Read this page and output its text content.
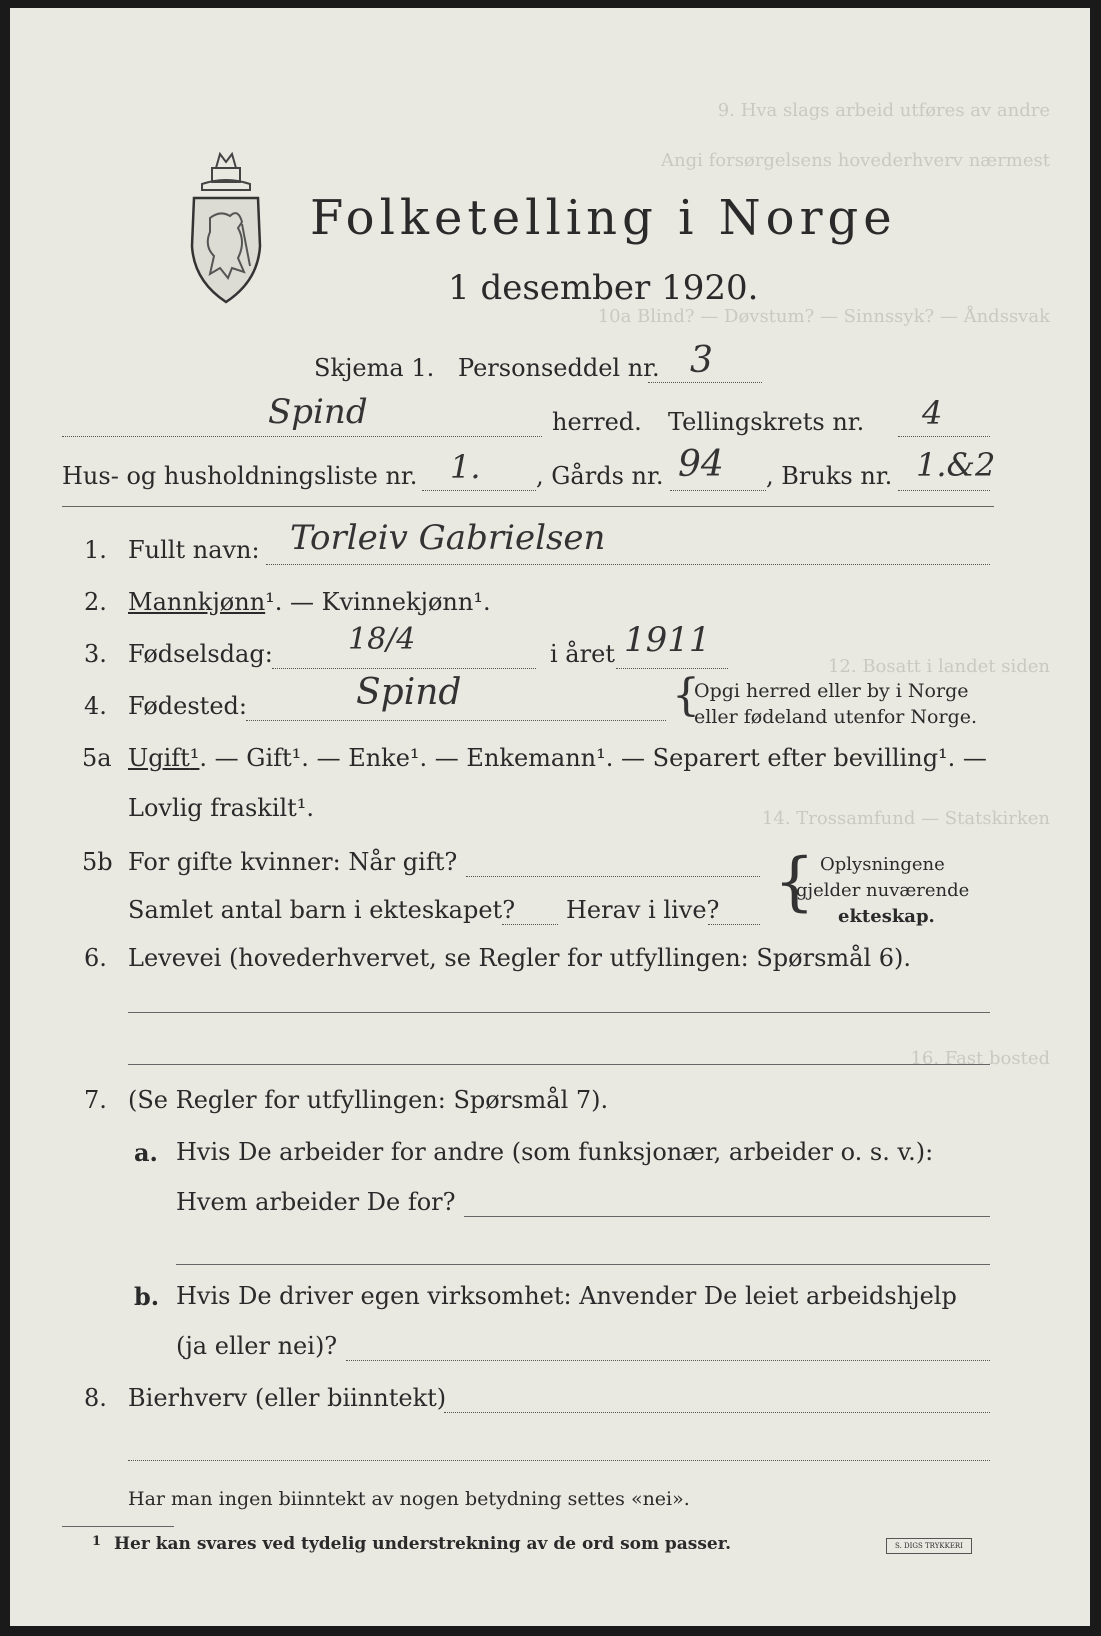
9. Hva slags arbeid utføres av andre
Angi forsørgelsens hovederhverv nærmest
10a Blind? — Døvstum? — Sinnssyk? — Åndssvak
12. Bosatt i landet siden
14. Trossamfund — Statskirken
16. Fast bosted
Folketelling i Norge
1 desember 1920.
Skjema 1. Personseddel nr. 3
Spind	herred. Tellingskrets nr. 4
Hus- og husholdningsliste nr. 1. , Gårds nr. 94 , Bruks nr. 1.&2
1. Fullt navn: Torleiv Gabrielsen
2. Mannkjønn¹. — Kvinnekjønn¹.
3. Fødselsdag:	18/4	i året 1911
4. Fødested:	Spind	{
Opgi herred eller by i Norge
eller fødeland utenfor Norge.
5a Ugift¹. — Gift¹. — Enke¹. — Enkemann¹. — Separert efter bevilling¹. —
Lovlig fraskilt¹.
5b For gifte kvinner: Når gift?
Samlet antal barn i ekteskapet? Herav i live? { Oplysningene
gjelder nuværende
ekteskap.
6. Levevei (hovederhvervet, se Regler for utfyllingen: Spørsmål 6).
7. (Se Regler for utfyllingen: Spørsmål 7).
a. Hvis De arbeider for andre (som funksjonær, arbeider o. s. v.):
Hvem arbeider De for?
b. Hvis De driver egen virksomhet: Anvender De leiet arbeidshjelp
(ja eller nei)?
8. Bierhverv (eller biinntekt)
Har man ingen biinntekt av nogen betydning settes «nei».
1 Her kan svares ved tydelig understrekning av de ord som passer.	S. DIGS TRYKKERI
